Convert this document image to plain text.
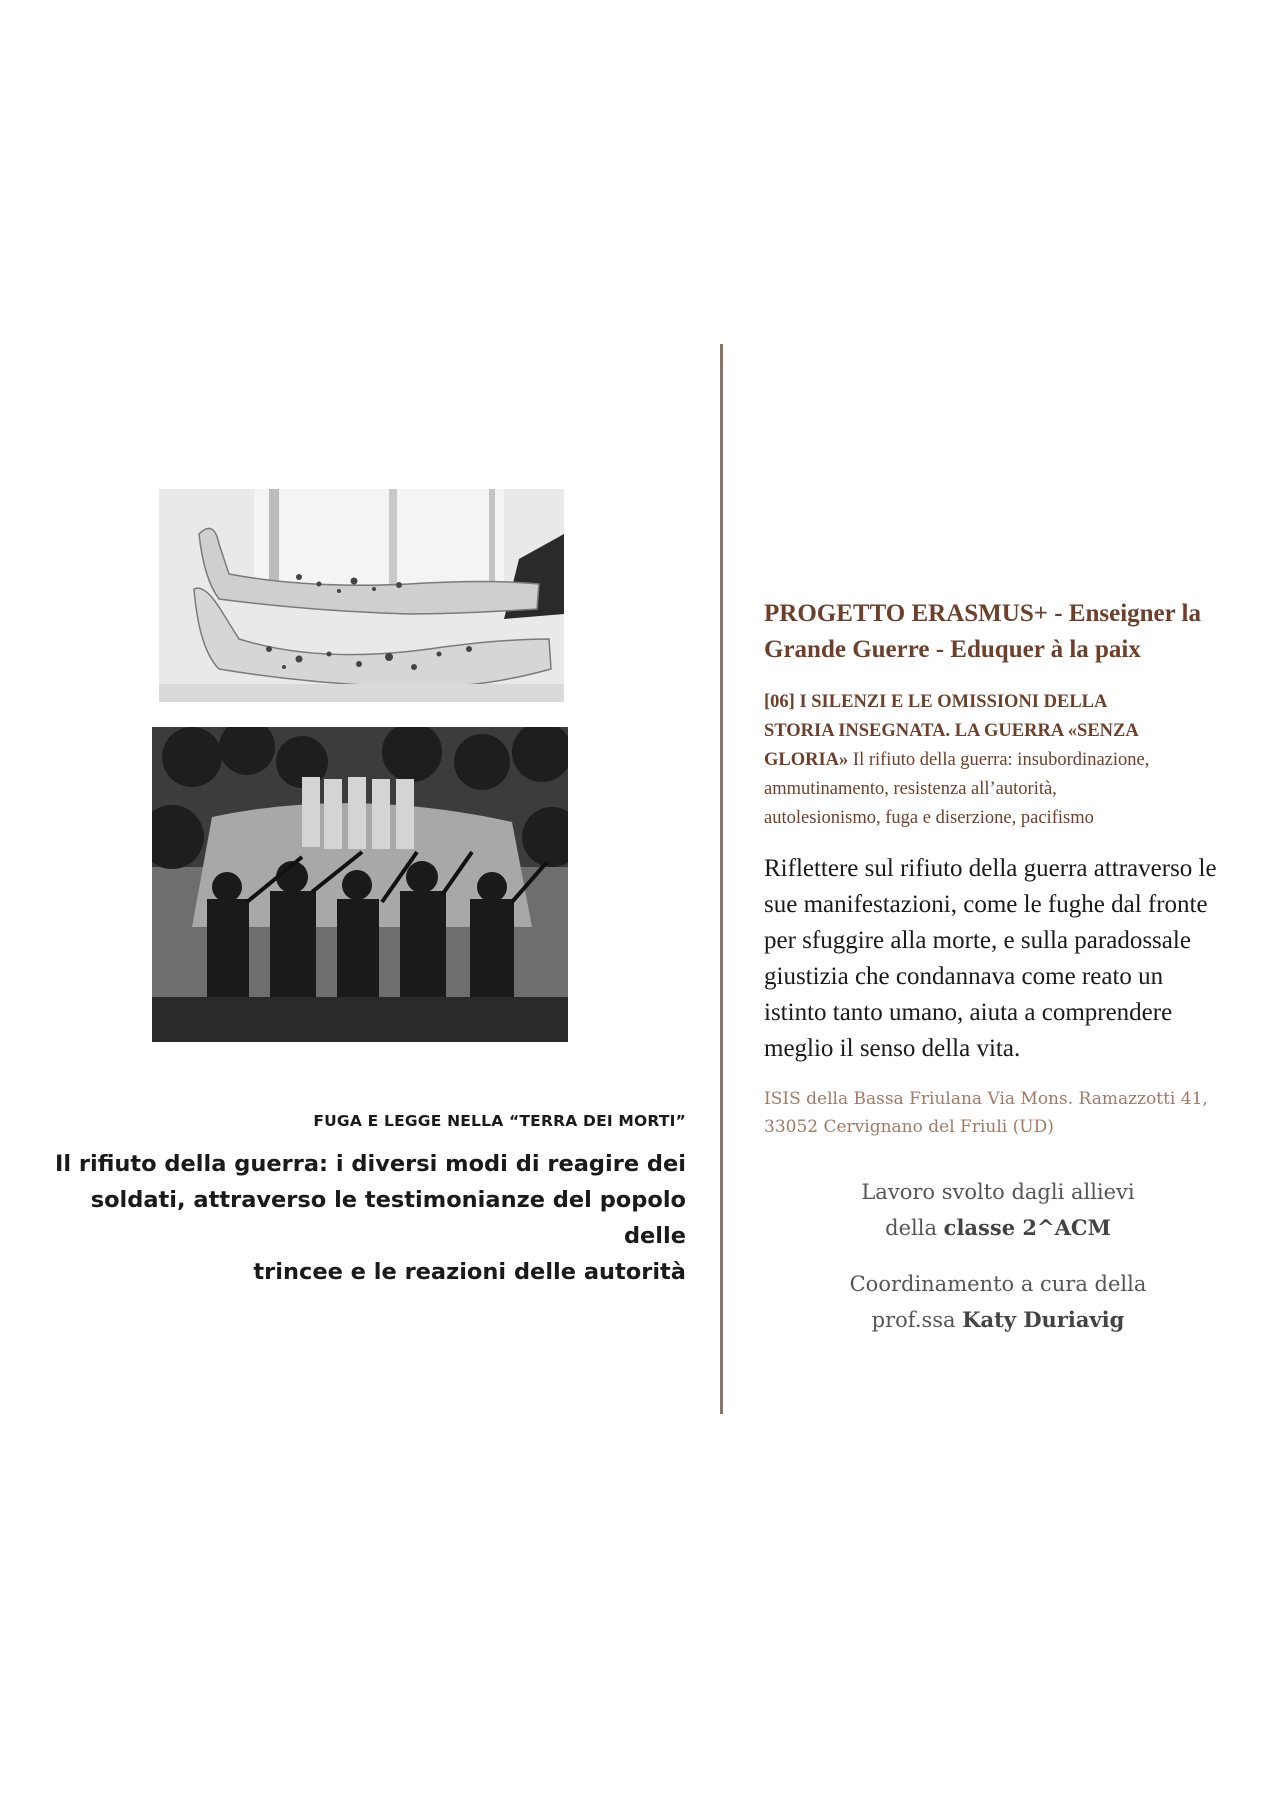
FUGA E LEGGE NELLA “TERRA DEI MORTI”
Il rifiuto della guerra: i diversi modi di reagire dei
soldati, attraverso le testimonianze del popolo delle
trincee e le reazioni delle autorità
PROGETTO ERASMUS+ - Enseigner la
Grande Guerre - Eduquer à la paix
[06] I SILENZI E LE OMISSIONI DELLA
STORIA INSEGNATA. LA GUERRA «SENZA
GLORIA» Il rifiuto della guerra: insubordinazione,
ammutinamento, resistenza all’autorità,
autolesionismo, fuga e diserzione, pacifismo
Riflettere sul rifiuto della guerra attraverso le
sue manifestazioni, come le fughe dal fronte
per sfuggire alla morte, e sulla paradossale
giustizia che condannava come reato un
istinto tanto umano, aiuta a comprendere
meglio il senso della vita.
ISIS della Bassa Friulana Via Mons. Ramazzotti 41,
33052 Cervignano del Friuli (UD)
Lavoro svolto dagli allievi
della classe 2^ACM
Coordinamento a cura della
prof.ssa Katy Duriavig
